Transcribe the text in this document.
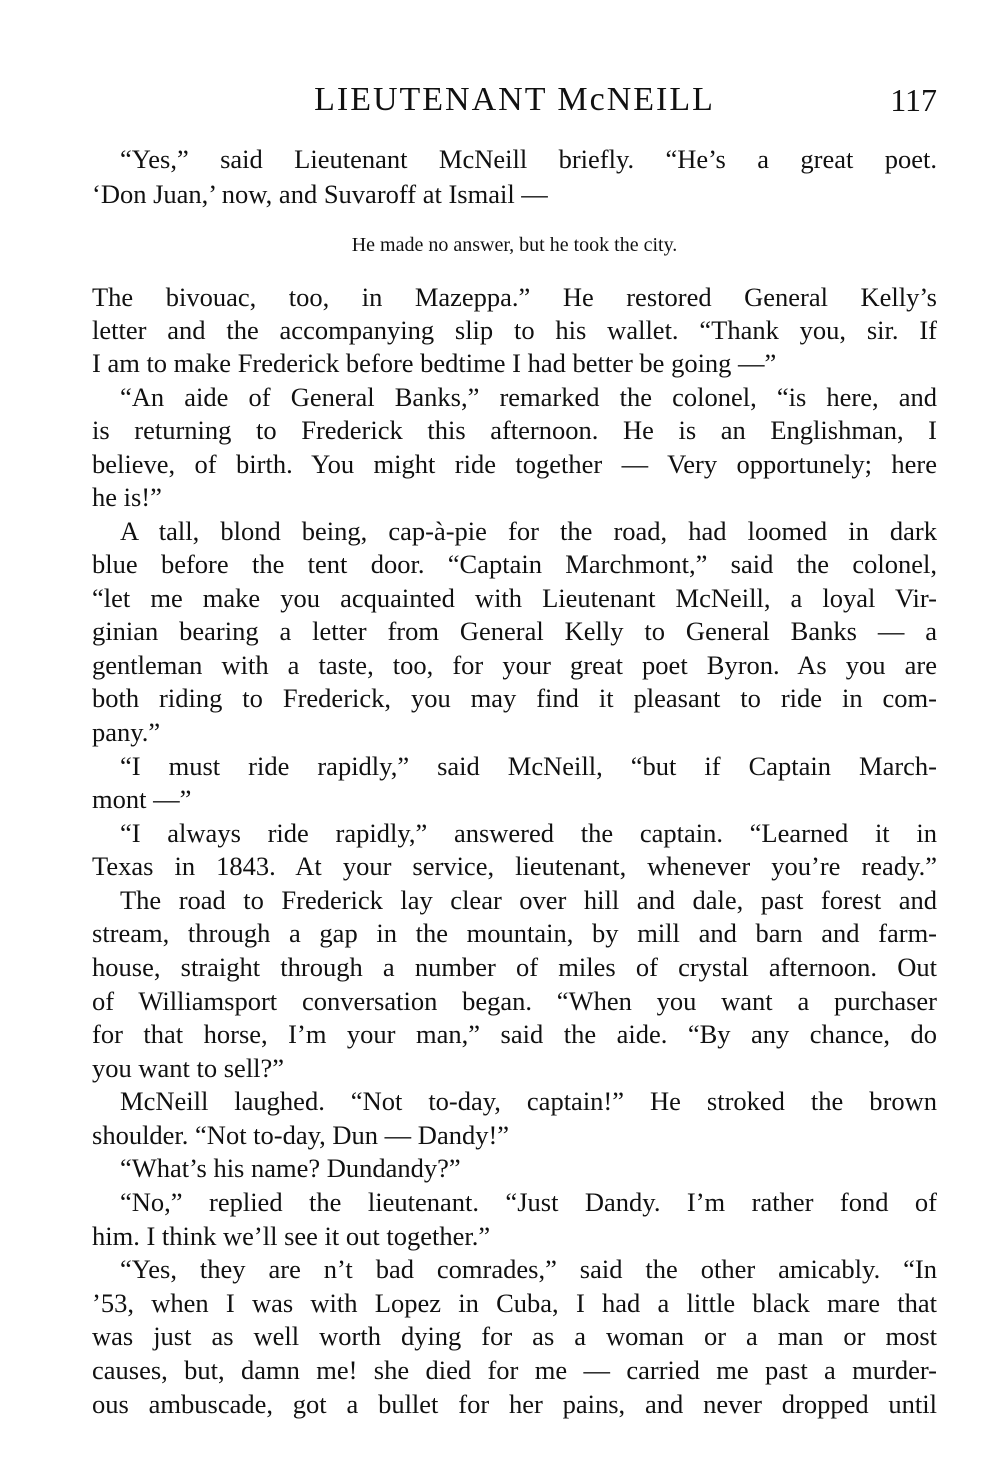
LIEUTENANT McNEILL	117
“Yes,” said Lieutenant McNeill briefly. “He’s a great poet.
‘Don Juan,’ now, and Suvaroff at Ismail —
He made no answer, but he took the city.
The bivouac, too, in Mazeppa.” He restored General Kelly’s
letter and the accompanying slip to his wallet. “Thank you, sir. If
I am to make Frederick before bedtime I had better be going —”
“An aide of General Banks,” remarked the colonel, “is here, and
is returning to Frederick this afternoon. He is an Englishman, I
believe, of birth. You might ride together — Very opportunely; here
he is!”
A tall, blond being, cap-à-pie for the road, had loomed in dark
blue before the tent door. “Captain Marchmont,” said the colonel,
“let me make you acquainted with Lieutenant McNeill, a loyal Vir-
ginian bearing a letter from General Kelly to General Banks — a
gentleman with a taste, too, for your great poet Byron. As you are
both riding to Frederick, you may find it pleasant to ride in com-
pany.”
“I must ride rapidly,” said McNeill, “but if Captain March-
mont —”
“I always ride rapidly,” answered the captain. “Learned it in
Texas in 1843. At your service, lieutenant, whenever you’re ready.”
The road to Frederick lay clear over hill and dale, past forest and
stream, through a gap in the mountain, by mill and barn and farm-
house, straight through a number of miles of crystal afternoon. Out
of Williamsport conversation began. “When you want a purchaser
for that horse, I’m your man,” said the aide. “By any chance, do
you want to sell?”
McNeill laughed. “Not to-day, captain!” He stroked the brown
shoulder. “Not to-day, Dun — Dandy!”
“What’s his name? Dundandy?”
“No,” replied the lieutenant. “Just Dandy. I’m rather fond of
him. I think we’ll see it out together.”
“Yes, they are n’t bad comrades,” said the other amicably. “In
’53, when I was with Lopez in Cuba, I had a little black mare that
was just as well worth dying for as a woman or a man or most
causes, but, damn me! she died for me — carried me past a murder-
ous ambuscade, got a bullet for her pains, and never dropped until
